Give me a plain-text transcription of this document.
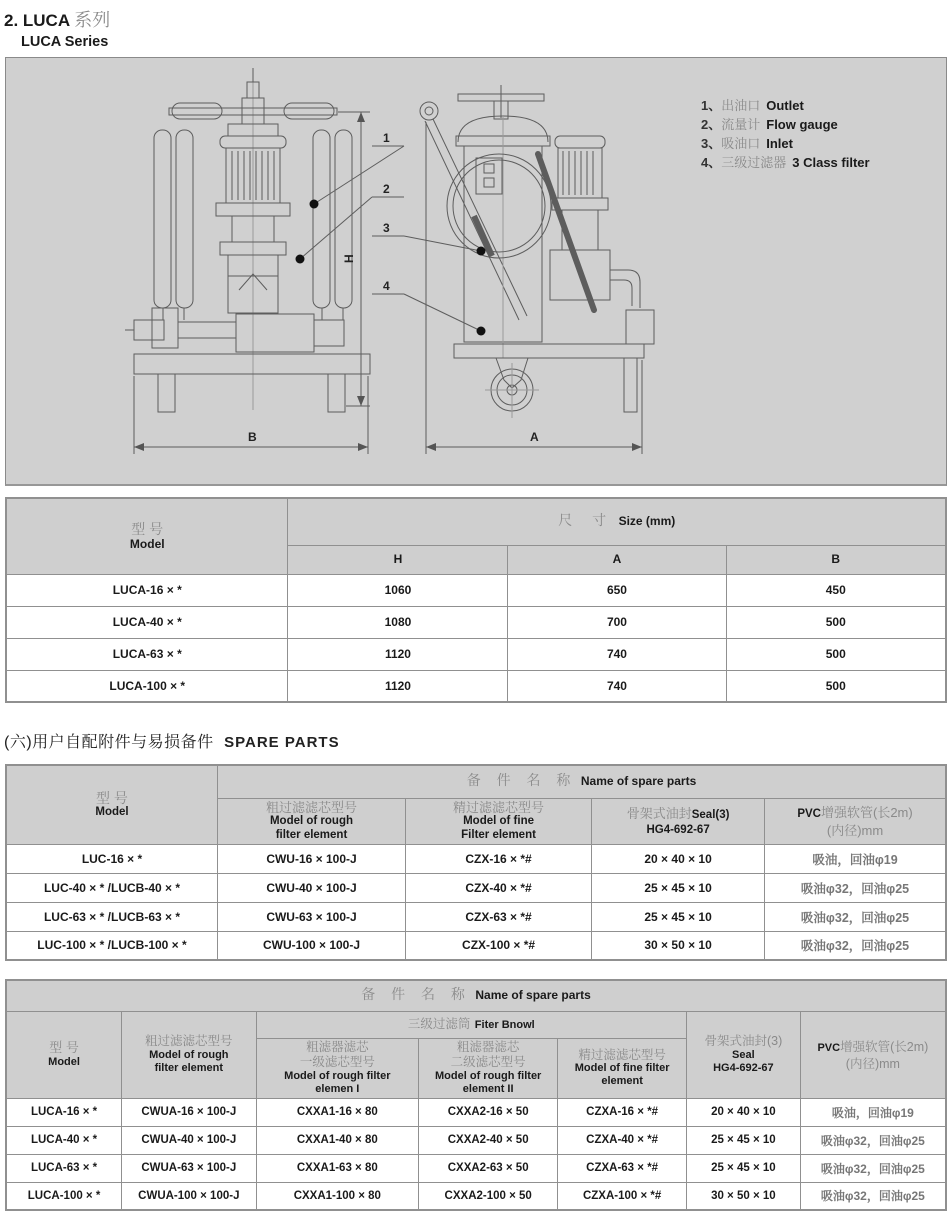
2. LUCA 系列
LUCA Series
1
2
3
4
H
B	A
1、出油口 Outlet
2、流量计 Flow gauge
3、吸油口 Inlet
4、三级过滤器 3 Class filter
型 号
Model	尺 寸 Size (mm)		
	H	A	B
LUCA-16 × *	1060	650	450
LUCA-40 × *	1080	700	500
LUCA-63 × *	1120	740	500
LUCA-100 × *	1120	740	500
(六)用户自配附件与易损备件 SPARE PARTS
型 号
Model	备 件 名 称 Name of spare parts			

粗过滤滤芯型号
Model of rough
filter element

精过滤滤芯型号
Model of fine
Filter element

骨架式油封Seal(3)
HG4-692-67

PVC增强软管(长2m)
(内径)mm

LUC-16 × *	CWU-16 × 100-J	CZX-16 × *#	20 × 40 × 10	吸油，回油φ19
LUC-40 × * /LUCB-40 × *	CWU-40 × 100-J	CZX-40 × *#	25 × 45 × 10	吸油φ32，回油φ25
LUC-63 × * /LUCB-63 × *	CWU-63 × 100-J	CZX-63 × *#	25 × 45 × 10	吸油φ32，回油φ25
LUC-100 × * /LUCB-100 × *	CWU-100 × 100-J	CZX-100 × *#	30 × 50 × 10	吸油φ32，回油φ25
备 件 名 称 Name of spare parts						

型 号
Model

粗过滤滤芯型号
Model of rough
filter element
	三级过滤筒 Fiter Bnowl	
骨架式油封(3)
Seal
HG4-692-67

PVC增强软管(长2m)
(内径)mm

粗滤器滤芯
一级滤芯型号
Model of rough filter
elemen I

粗滤器滤芯
二级滤芯型号
Model of rough filter
element II

精过滤滤芯型号
Model of fine filter
element

LUCA-16 × *	CWUA-16 × 100-J	CXXA1-16 × 80	CXXA2-16 × 50	CZXA-16 × *#	20 × 40 × 10	吸油，回油φ19
LUCA-40 × *	CWUA-40 × 100-J	CXXA1-40 × 80	CXXA2-40 × 50	CZXA-40 × *#	25 × 45 × 10	吸油φ32，回油φ25
LUCA-63 × *	CWUA-63 × 100-J	CXXA1-63 × 80	CXXA2-63 × 50	CZXA-63 × *#	25 × 45 × 10	吸油φ32，回油φ25
LUCA-100 × *	CWUA-100 × 100-J	CXXA1-100 × 80	CXXA2-100 × 50	CZXA-100 × *#	30 × 50 × 10	吸油φ32，回油φ25
